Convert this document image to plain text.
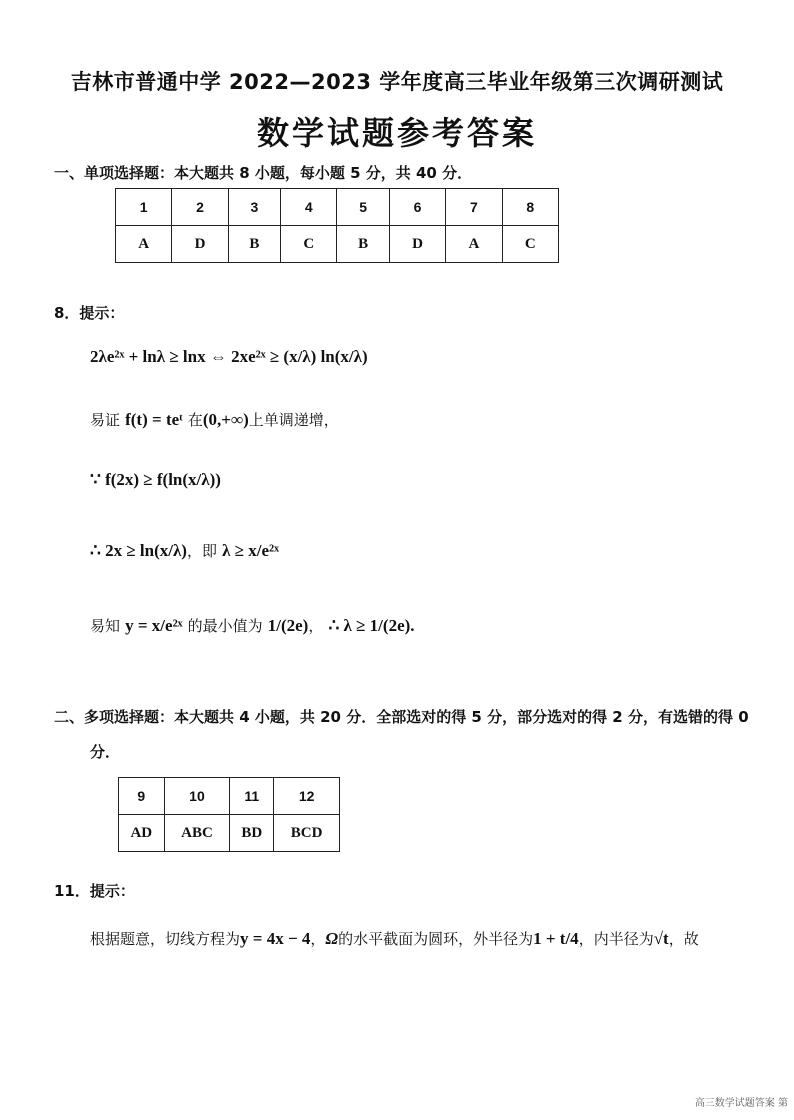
吉林市普通中学 2022—2023 学年度高三毕业年级第三次调研测试
数学试题参考答案
一、单项选择题：本大题共 8 小题，每小题 5 分，共 40 分．
1	2	3	4	5	6	7	8
A	D	B	C	B	D	A	C
8．提示：
2λe²ˣ + lnλ ≥ lnx ⇔ 2xe²ˣ ≥ (x/λ) ln(x/λ)
易证 f(t) = teᵗ 在(0,+∞)上单调递增，
∵ f(2x) ≥ f(ln(x/λ))
∴ 2x ≥ ln(x/λ)，即 λ ≥ x/e²ˣ
易知 y = x/e²ˣ 的最小值为 1/(2e)， ∴ λ ≥ 1/(2e).
二、多项选择题：本大题共 4 小题，共 20 分．全部选对的得 5 分，部分选对的得 2 分，有选错的得 0
分．
9	10	11	12
AD	ABC	BD	BCD
11．提示：
根据题意，切线方程为y = 4x − 4，Ω的水平截面为圆环，外半径为1 + t/4，内半径为√t，故
高三数学试题答案 第
